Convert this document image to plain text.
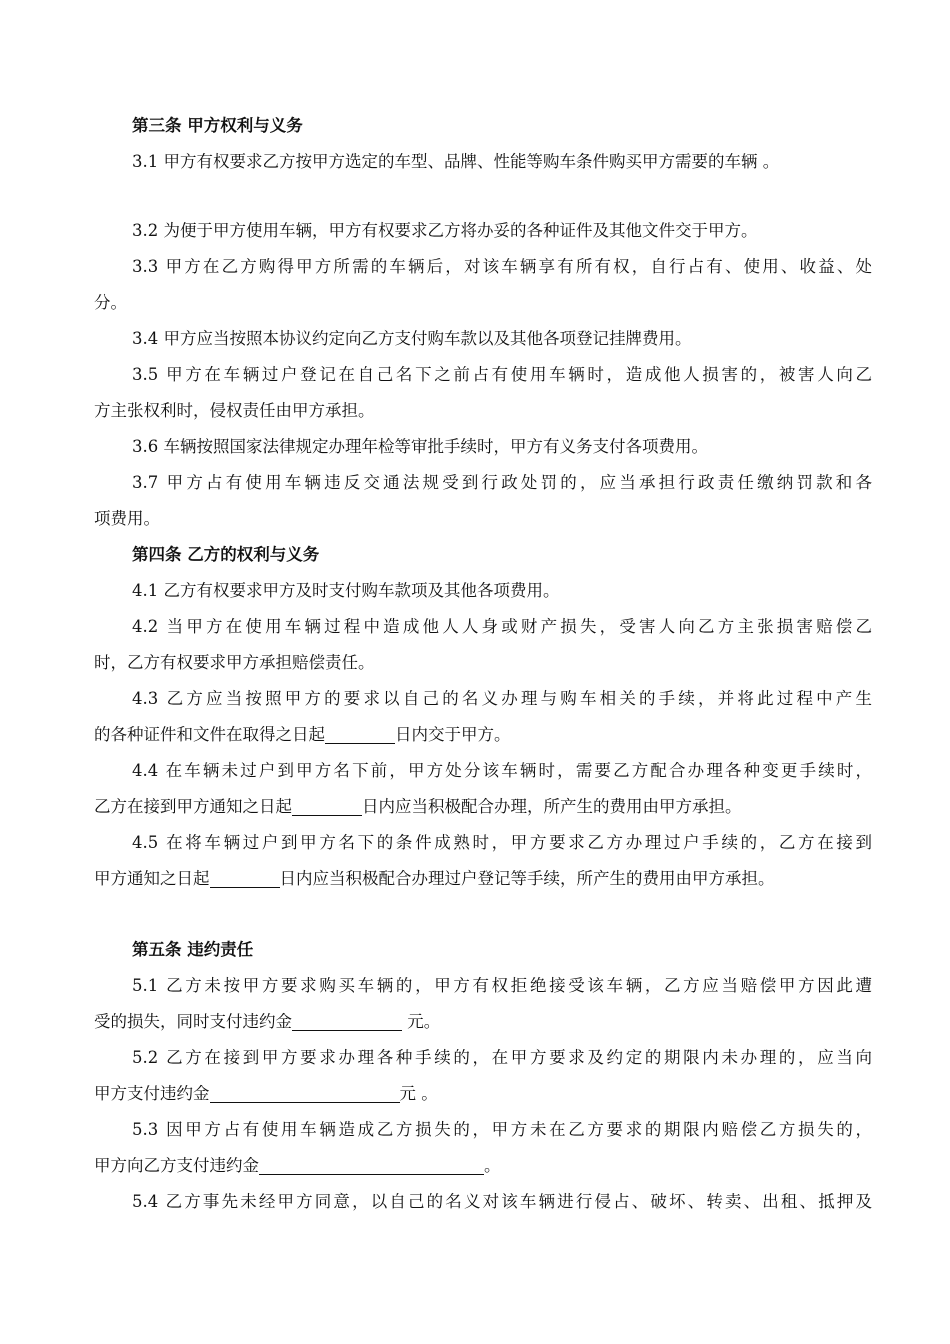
第三条 甲方权利与义务
3.1 甲方有权要求乙方按甲方选定的车型、品牌、性能等购车条件购买甲方需要的车辆 。
3.2 为便于甲方使用车辆，甲方有权要求乙方将办妥的各种证件及其他文件交于甲方。
3.3 甲方在乙方购得甲方所需的车辆后，对该车辆享有所有权，自行占有、使用、收益、处
分。
3.4 甲方应当按照本协议约定向乙方支付购车款以及其他各项登记挂牌费用。
3.5 甲方在车辆过户登记在自己名下之前占有使用车辆时，造成他人损害的，被害人向乙
方主张权利时，侵权责任由甲方承担。
3.6 车辆按照国家法律规定办理年检等审批手续时，甲方有义务支付各项费用。
3.7 甲方占有使用车辆违反交通法规受到行政处罚的，应当承担行政责任缴纳罚款和各
项费用。
第四条 乙方的权利与义务
4.1 乙方有权要求甲方及时支付购车款项及其他各项费用。
4.2 当甲方在使用车辆过程中造成他人人身或财产损失，受害人向乙方主张损害赔偿乙
时，乙方有权要求甲方承担赔偿责任。
4.3 乙方应当按照甲方的要求以自己的名义办理与购车相关的手续，并将此过程中产生
的各种证件和文件在取得之日起	日内交于甲方。
4.4 在车辆未过户到甲方名下前，甲方处分该车辆时，需要乙方配合办理各种变更手续时，
乙方在接到甲方通知之日起	日内应当积极配合办理，所产生的费用由甲方承担。
4.5 在将车辆过户到甲方名下的条件成熟时，甲方要求乙方办理过户手续的，乙方在接到
甲方通知之日起	日内应当积极配合办理过户登记等手续，所产生的费用由甲方承担。
第五条 违约责任
5.1 乙方未按甲方要求购买车辆的，甲方有权拒绝接受该车辆，乙方应当赔偿甲方因此遭
受的损失，同时支付违约金	元。
5.2 乙方在接到甲方要求办理各种手续的，在甲方要求及约定的期限内未办理的，应当向
甲方支付违约金	元 。
5.3 因甲方占有使用车辆造成乙方损失的，甲方未在乙方要求的期限内赔偿乙方损失的，
甲方向乙方支付违约金	。
5.4 乙方事先未经甲方同意，以自己的名义对该车辆进行侵占、破坏、转卖、出租、抵押及
